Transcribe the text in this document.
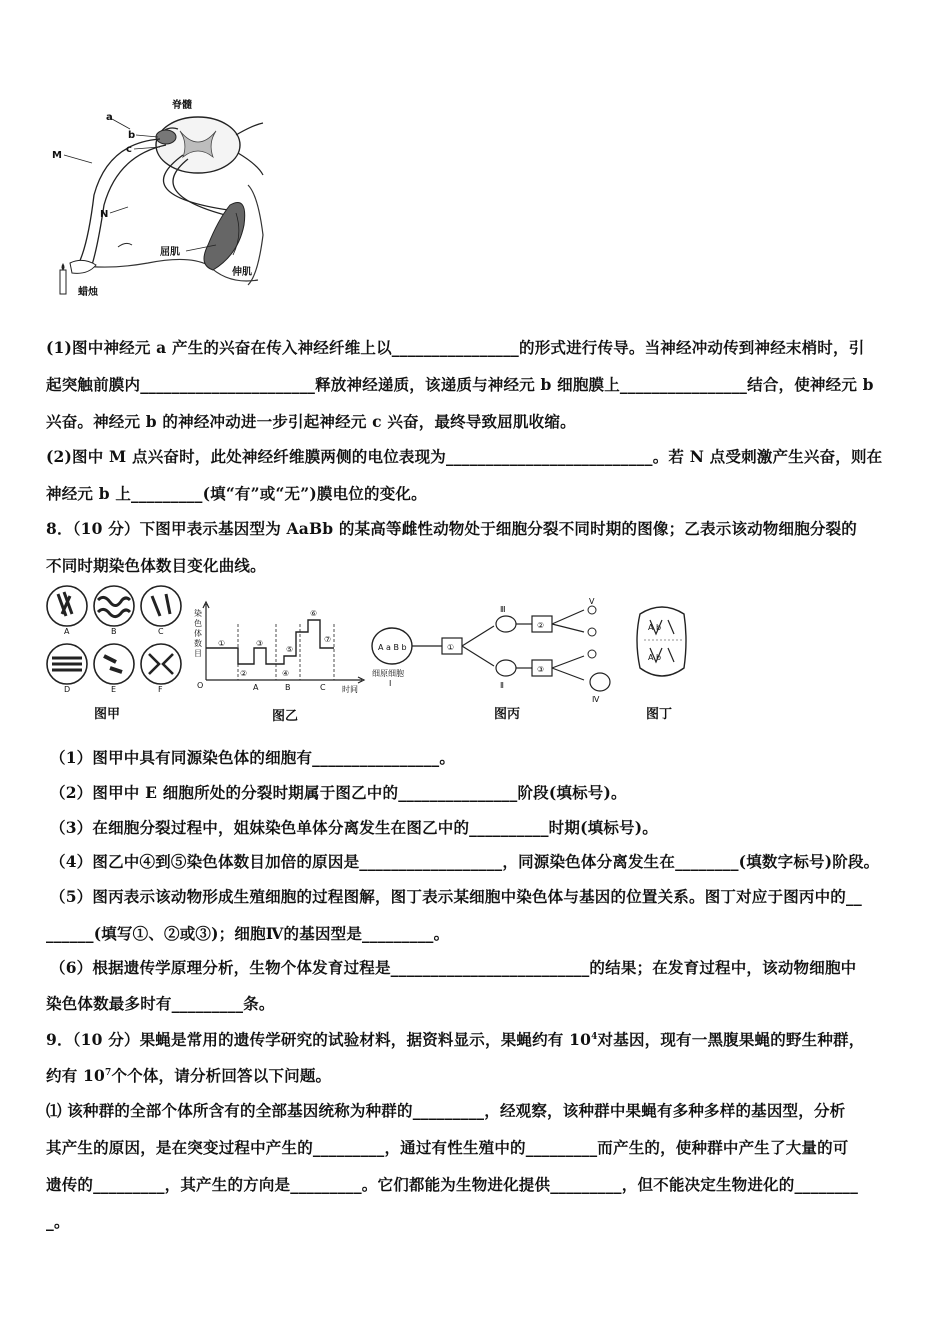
脊髓
a
b
c
M
N
屈肌
伸肌
蜡烛
(1)图中神经元 a 产生的兴奋在传入神经纤维上以________________的形式进行传导。当神经冲动传到神经末梢时，引
起突触前膜内______________________释放神经递质，该递质与神经元 b 细胞膜上________________结合，使神经元 b
兴奋。神经元 b 的神经冲动进一步引起神经元 c 兴奋，最终导致屈肌收缩。
(2)图中 M 点兴奋时，此处神经纤维膜两侧的电位表现为__________________________。若 N 点受刺激产生兴奋，则在
神经元 b 上_________(填“有”或“无”)膜电位的变化。
8．（10 分）下图甲表示基因型为 AaBb 的某高等雌性动物处于细胞分裂不同时期的图像；乙表示该动物细胞分裂的
不同时期染色体数目变化曲线。
A	B	C
D	E	F
图甲
染
色
体
数
目
O
①
②
③
④
⑤
⑥
⑦
A	B	C 时间
图乙
A a B b
细原细胞
Ⅰ
①
Ⅲ
Ⅱ
②
③
Ⅴ
Ⅳ
图丙
A b
A b
图丁
（1）图甲中具有同源染色体的细胞有________________。
（2）图甲中 E 细胞所处的分裂时期属于图乙中的_______________阶段(填标号)。
（3）在细胞分裂过程中，姐妹染色单体分离发生在图乙中的__________时期(填标号)。
（4）图乙中④到⑤染色体数目加倍的原因是__________________，同源染色体分离发生在________(填数字标号)阶段。
（5）图丙表示该动物形成生殖细胞的过程图解，图丁表示某细胞中染色体与基因的位置关系。图丁对应于图丙中的__
______(填写①、②或③)；细胞Ⅳ的基因型是_________。
（6）根据遗传学原理分析，生物个体发育过程是_________________________的结果；在发育过程中，该动物细胞中
染色体数最多时有_________条。
9．（10 分）果蝇是常用的遗传学研究的试验材料，据资料显示，果蝇约有 $10^4$对基因，现有一黑腹果蝇的野生种群，
约有 $10^7$个个体，请分析回答以下问题。
⑴ 该种群的全部个体所含有的全部基因统称为种群的_________，经观察，该种群中果蝇有多种多样的基因型，分析
其产生的原因，是在突变过程中产生的_________，通过有性生殖中的_________而产生的，使种群中产生了大量的可
遗传的_________，其产生的方向是_________。它们都能为生物进化提供_________，但不能决定生物进化的________
_。
